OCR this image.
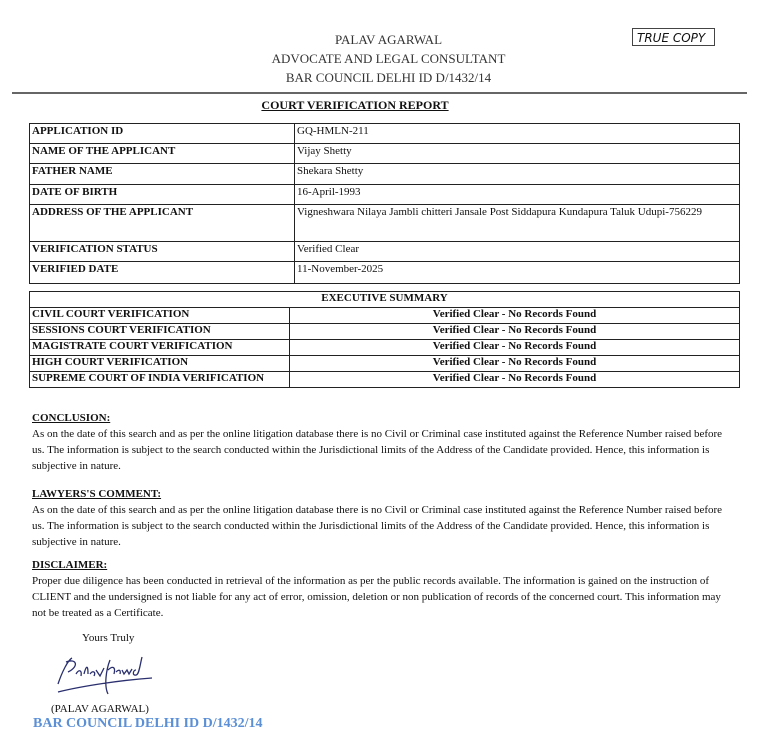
PALAV AGARWAL
ADVOCATE AND LEGAL CONSULTANT
BAR COUNCIL DELHI ID D/1432/14
TRUE COPY
COURT VERIFICATION REPORT
APPLICATION ID	GQ-HMLN-211
NAME OF THE APPLICANT	Vijay Shetty
FATHER NAME	Shekara Shetty
DATE OF BIRTH	16-April-1993
ADDRESS OF THE APPLICANT	Vigneshwara Nilaya Jambli chitteri Jansale Post Siddapura Kundapura Taluk Udupi-756229
VERIFICATION STATUS	Verified Clear
VERIFIED DATE	11-November-2025
EXECUTIVE SUMMARY	
CIVIL COURT VERIFICATION	Verified Clear - No Records Found
SESSIONS COURT VERIFICATION	Verified Clear - No Records Found
MAGISTRATE COURT VERIFICATION	Verified Clear - No Records Found
HIGH COURT VERIFICATION	Verified Clear - No Records Found
SUPREME COURT OF INDIA VERIFICATION	Verified Clear - No Records Found
CONCLUSION:
As on the date of this search and as per the online litigation database there is no Civil or Criminal case instituted against the Reference Number raised before us. The information is subject to the search conducted within the Jurisdictional limits of the Address of the Candidate provided. Hence, this information is subjective in nature.
LAWYERS'S COMMENT:
As on the date of this search and as per the online litigation database there is no Civil or Criminal case instituted against the Reference Number raised before us. The information is subject to the search conducted within the Jurisdictional limits of the Address of the Candidate provided. Hence, this information is subjective in nature.
DISCLAIMER:
Proper due diligence has been conducted in retrieval of the information as per the public records available. The information is gained on the instruction of CLIENT and the undersigned is not liable for any act of error, omission, deletion or non publication of records of the concerned court. This information may not be treated as a Certificate.
Yours Truly
(PALAV AGARWAL)
BAR COUNCIL DELHI ID D/1432/14
